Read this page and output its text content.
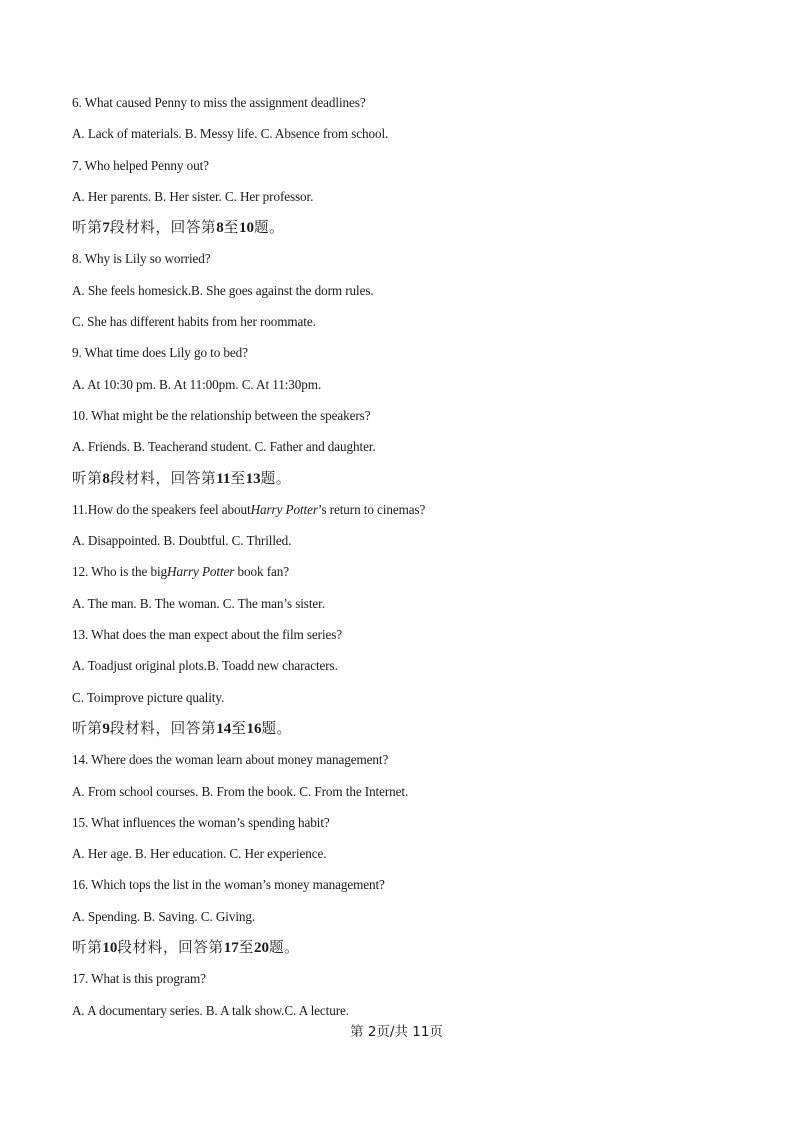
6. What caused Penny to miss the assignment deadlines?
A. Lack of materials. B. Messy life. C. Absence from school.
7. Who helped Penny out?
A. Her parents. B. Her sister. C. Her professor.
听第7段材料，回答第8至10题。
8. Why is Lily so worried?
A. She feels homesick.B. She goes against the dorm rules.
C. She has different habits from her roommate.
9. What time does Lily go to bed?
A. At 10:30 pm. B. At 11:00pm. C. At 11:30pm.
10. What might be the relationship between the speakers?
A. Friends. B. Teacherand student. C. Father and daughter.
听第8段材料，回答第11至13题。
11.How do the speakers feel aboutHarry Potter’s return to cinemas?
A. Disappointed. B. Doubtful. C. Thrilled.
12. Who is the bigHarry Potter book fan?
A. The man. B. The woman. C. The man’s sister.
13. What does the man expect about the film series?
A. Toadjust original plots.B. Toadd new characters.
C. Toimprove picture quality.
听第9段材料，回答第14至16题。
14. Where does the woman learn about money management?
A. From school courses. B. From the book. C. From the Internet.
15. What influences the woman’s spending habit?
A. Her age. B. Her education. C. Her experience.
16. Which tops the list in the woman’s money management?
A. Spending. B. Saving. C. Giving.
听第10段材料，回答第17至20题。
17. What is this program?
A. A documentary series. B. A talk show.C. A lecture.
第 2页/共 11页
